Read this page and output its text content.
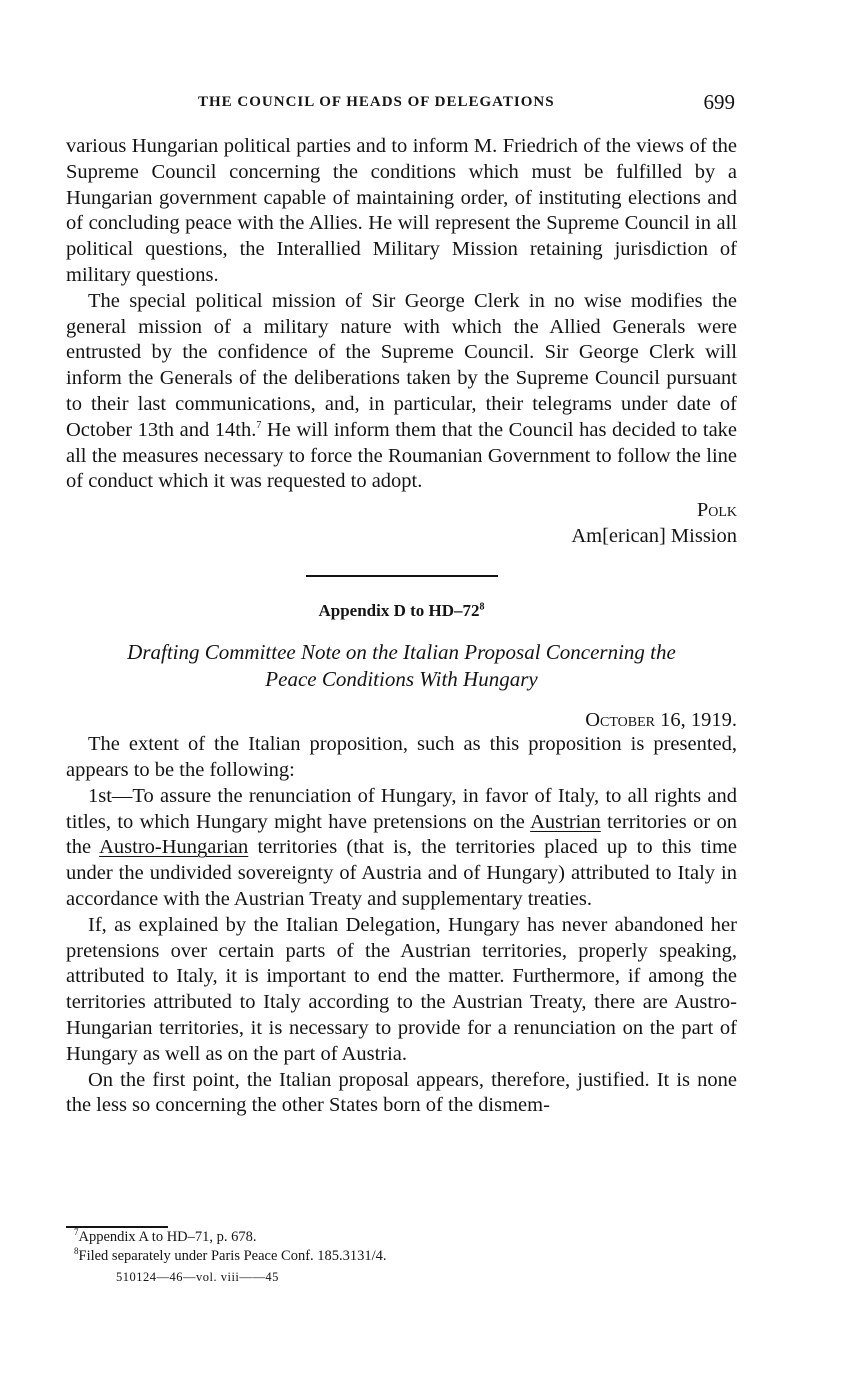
THE COUNCIL OF HEADS OF DELEGATIONS	699

various Hungarian political parties and to inform M. Friedrich of the views of the Supreme Council concerning the conditions which must be fulfilled by a Hungarian government capable of maintaining order, of instituting elections and of concluding peace with the Allies. He will represent the Supreme Council in all political questions, the Interallied Military Mission retaining jurisdiction of military questions.

The special political mission of Sir George Clerk in no wise modifies the general mission of a military nature with which the Allied Generals were entrusted by the confidence of the Supreme Council. Sir George Clerk will inform the Generals of the deliberations taken by the Supreme Council pursuant to their last communications, and, in particular, their telegrams under date of October 13th and 14th.$^7$ He will inform them that the Council has decided to take all the measures necessary to force the Roumanian Government to follow the line of conduct which it was requested to adopt.

Polk
Am[erican] Mission
Appendix D to $HD-72^8$
Drafting Committee Note on the Italian Proposal Concerning the
Peace Conditions With Hungary
October 16, 1919.

The extent of the Italian proposition, such as this proposition is presented, appears to be the following:

1st—To assure the renunciation of Hungary, in favor of Italy, to all rights and titles, to which Hungary might have pretensions on the Austrian territories or on the Austro-Hungarian territories (that is, the territories placed up to this time under the undivided sovereignty of Austria and of Hungary) attributed to Italy in accordance with the Austrian Treaty and supplementary treaties.

If, as explained by the Italian Delegation, Hungary has never abandoned her pretensions over certain parts of the Austrian territories, properly speaking, attributed to Italy, it is important to end the matter. Furthermore, if among the territories attributed to Italy according to the Austrian Treaty, there are Austro-Hungarian territories, it is necessary to provide for a renunciation on the part of Hungary as well as on the part of Austria.

On the first point, the Italian proposal appears, therefore, justified. It is none the less so concerning the other States born of the dismem-

$^7$Appendix A to HD–71, p. 678.
$^8$Filed separately under Paris Peace Conf. 185.3131/4.
510124—46—vol. viii——45
